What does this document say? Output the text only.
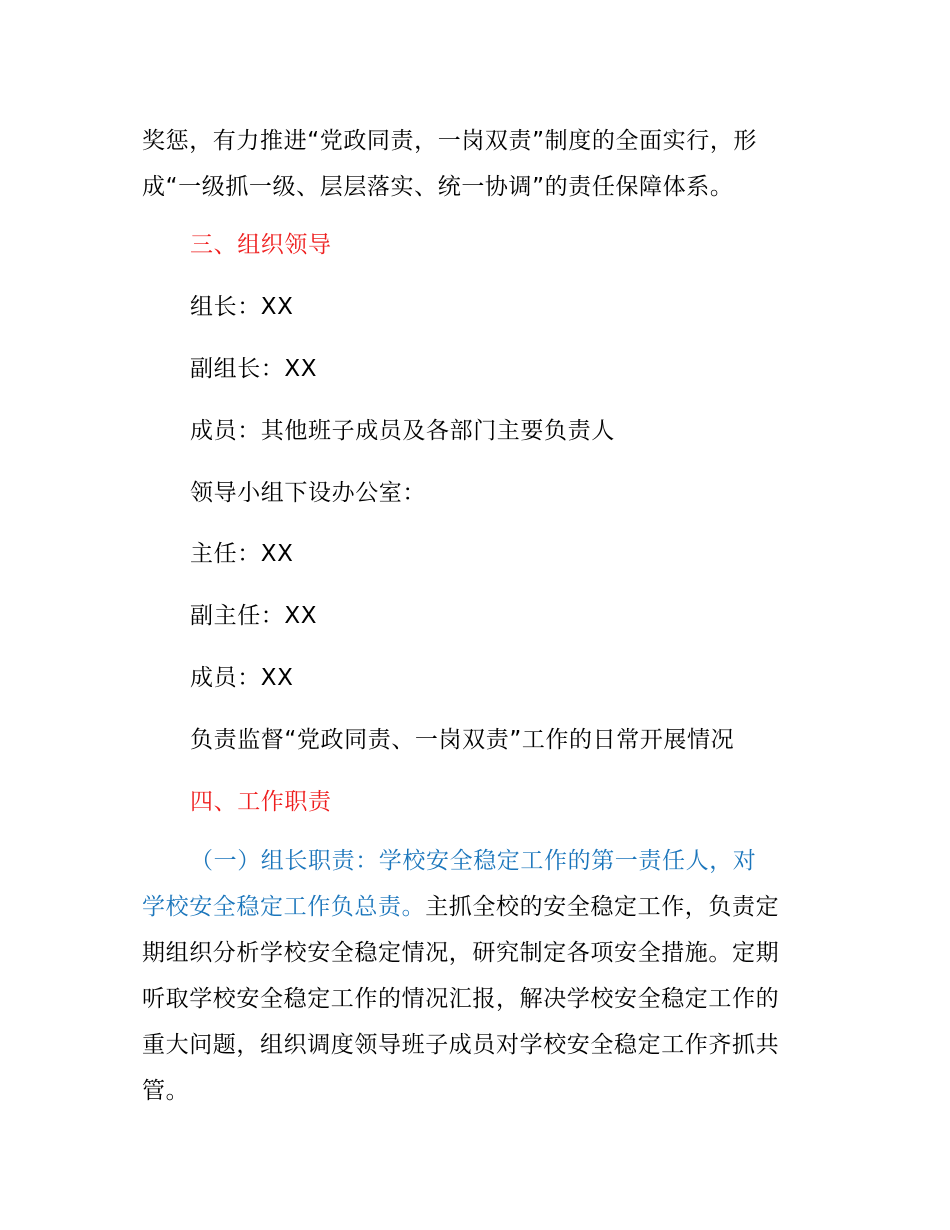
奖惩，有力推进“党政同责，一岗双责”制度的全面实行，形
成“一级抓一级、层层落实、统一协调”的责任保障体系。

三、组织领导

组长：XX

副组长：XX

成员：其他班子成员及各部门主要负责人

领导小组下设办公室：

主任：XX

副主任：XX

成员：XX

负责监督“党政同责、一岗双责”工作的日常开展情况

四、工作职责

（一）组长职责：学校安全稳定工作的第一责任人，对
学校安全稳定工作负总责。主抓全校的安全稳定工作，负责定
期组织分析学校安全稳定情况，研究制定各项安全措施。定期
听取学校安全稳定工作的情况汇报，解决学校安全稳定工作的
重大问题，组织调度领导班子成员对学校安全稳定工作齐抓共
管。
